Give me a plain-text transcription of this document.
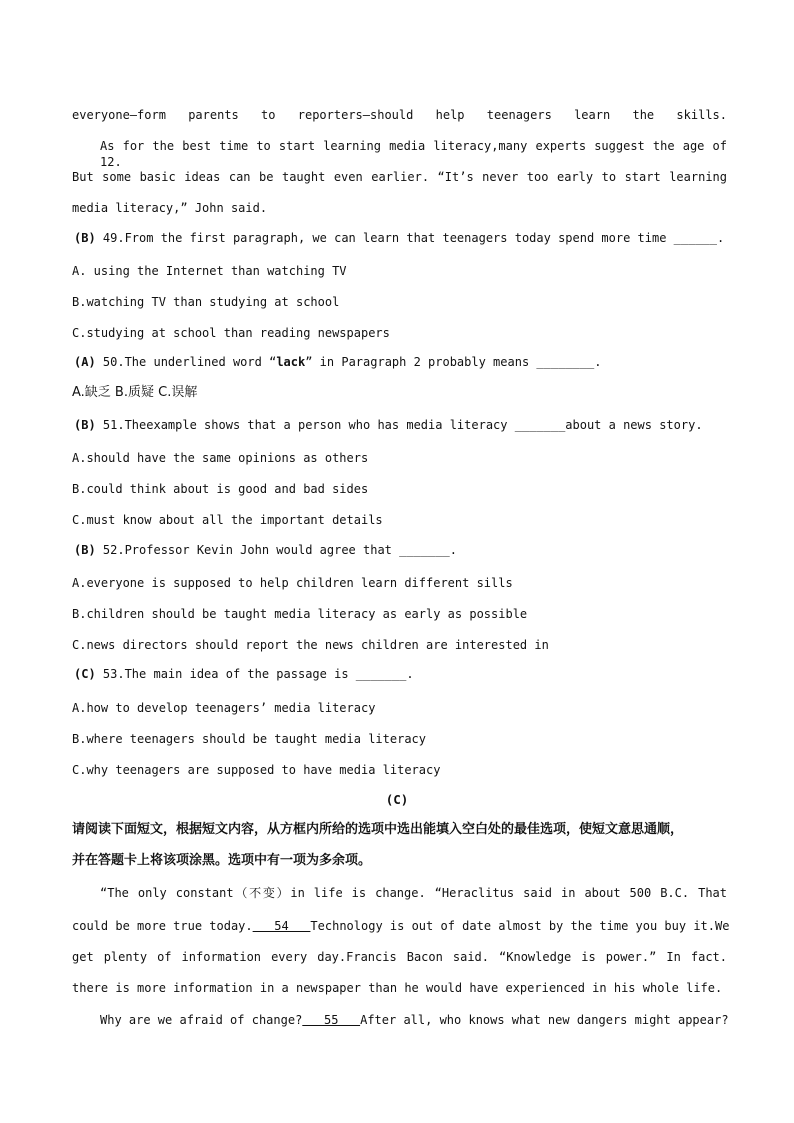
everyone—form parents to reporters—should help teenagers learn the skills.
As for the best time to start learning media literacy,many experts suggest the age of 12.
But some basic ideas can be taught even earlier. “It’s never too early to start learning
media literacy,” John said.
(B) 49.From the first paragraph, we can learn that teenagers today spend more time ______.
A. using the Internet than watching TV
B.watching TV than studying at school
C.studying at school than reading newspapers
(A) 50.The underlined word “lack” in Paragraph 2 probably means ________.
A.缺乏 B.质疑 C.误解
(B) 51.Theexample shows that a person who has media literacy _______about a news story.
A.should have the same opinions as others
B.could think about is good and bad sides
C.must know about all the important details
(B) 52.Professor Kevin John would agree that _______.
A.everyone is supposed to help children learn different sills
B.children should be taught media literacy as early as possible
C.news directors should report the news children are interested in
(C) 53.The main idea of the passage is _______.
A.how to develop teenagers’ media literacy
B.where teenagers should be taught media literacy
C.why teenagers are supposed to have media literacy
(C)
请阅读下面短文，根据短文内容，从方框内所给的选项中选出能填入空白处的最佳选项，使短文意思通顺，
并在答题卡上将该项涂黑。选项中有一项为多余项。
“The only constant（不变）in life is change. “Heraclitus said in about 500 B.C. That
could be more true today.   54   Technology is out of date almost by the time you buy it.We
get plenty of information every day.Francis Bacon said. “Knowledge is power.” In fact.
there is more information in a newspaper than he would have experienced in his whole life.
Why are we afraid of change?   55   After all, who knows what new dangers might appear?
